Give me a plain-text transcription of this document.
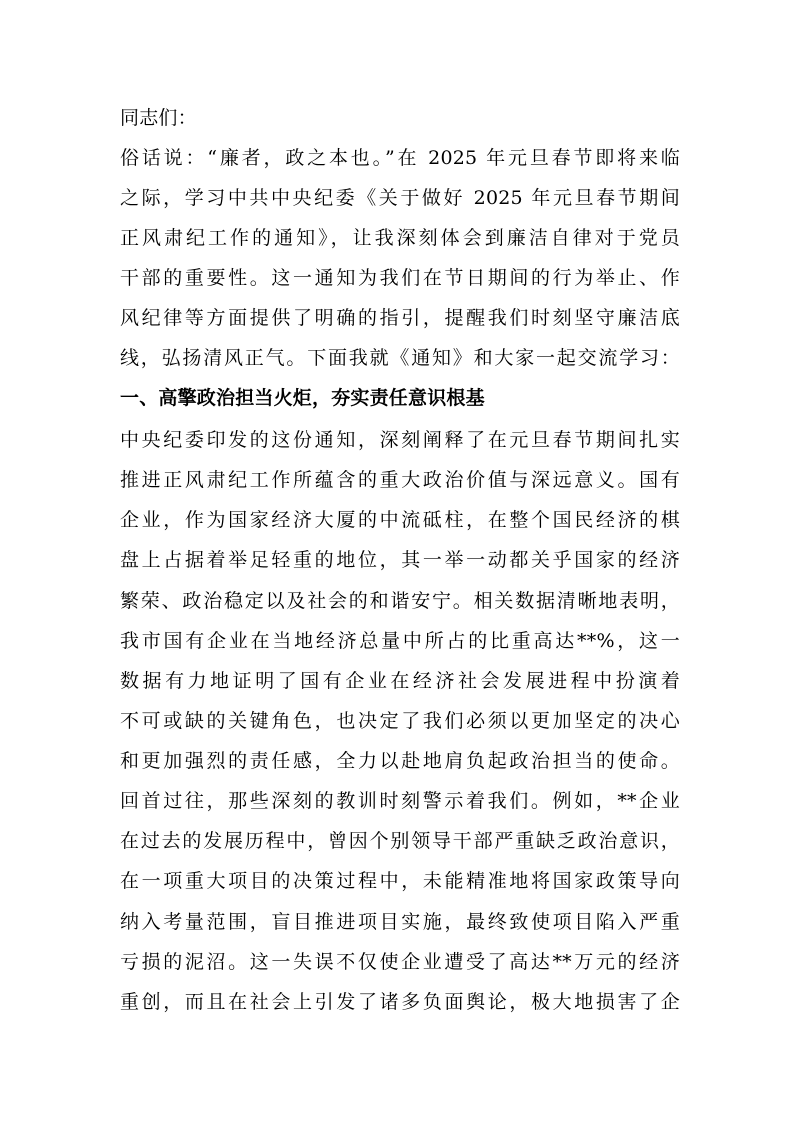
同志们：
俗话说：“廉者，政之本也。”在 2025 年元旦春节即将来临
之际，学习中共中央纪委《关于做好 2025 年元旦春节期间
正风肃纪工作的通知》，让我深刻体会到廉洁自律对于党员
干部的重要性。这一通知为我们在节日期间的行为举止、作
风纪律等方面提供了明确的指引，提醒我们时刻坚守廉洁底
线，弘扬清风正气。下面我就《通知》和大家一起交流学习：
一、高擎政治担当火炬，夯实责任意识根基
中央纪委印发的这份通知，深刻阐释了在元旦春节期间扎实
推进正风肃纪工作所蕴含的重大政治价值与深远意义。国有
企业，作为国家经济大厦的中流砥柱，在整个国民经济的棋
盘上占据着举足轻重的地位，其一举一动都关乎国家的经济
繁荣、政治稳定以及社会的和谐安宁。相关数据清晰地表明，
我市国有企业在当地经济总量中所占的比重高达**%，这一
数据有力地证明了国有企业在经济社会发展进程中扮演着
不可或缺的关键角色，也决定了我们必须以更加坚定的决心
和更加强烈的责任感，全力以赴地肩负起政治担当的使命。
回首过往，那些深刻的教训时刻警示着我们。例如，**企业
在过去的发展历程中，曾因个别领导干部严重缺乏政治意识，
在一项重大项目的决策过程中，未能精准地将国家政策导向
纳入考量范围，盲目推进项目实施，最终致使项目陷入严重
亏损的泥沼。这一失误不仅使企业遭受了高达**万元的经济
重创，而且在社会上引发了诸多负面舆论，极大地损害了企
